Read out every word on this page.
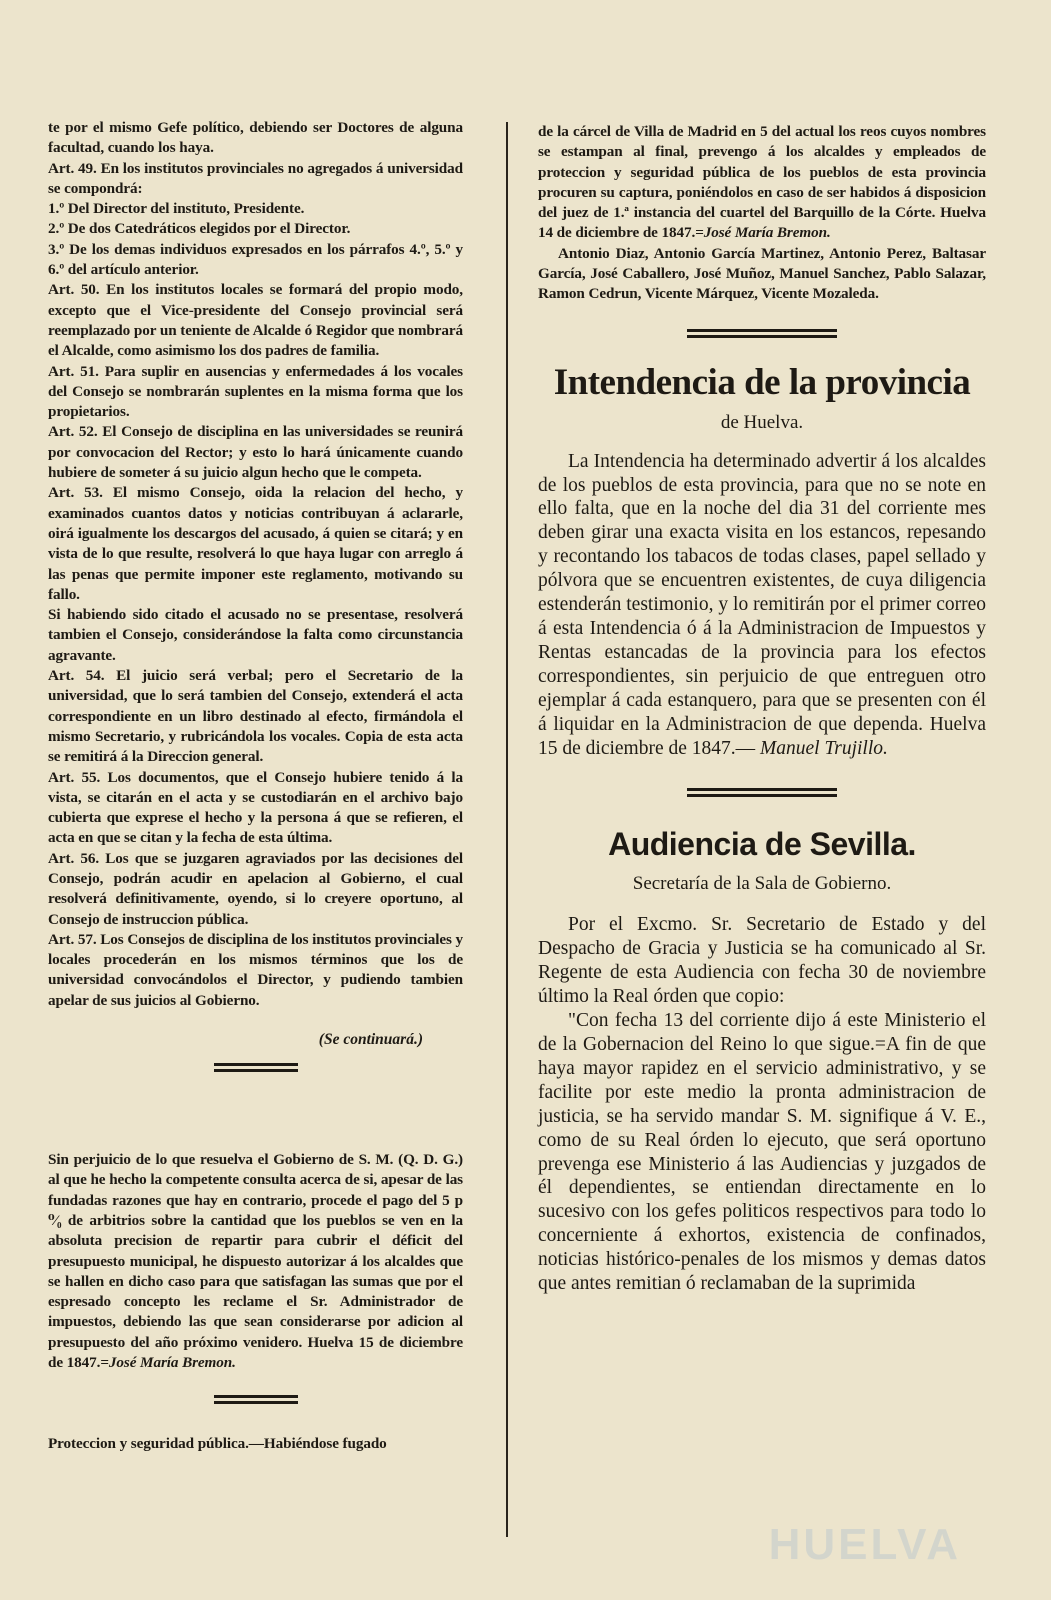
te por el mismo Gefe político, debiendo ser Doctores de alguna facultad, cuando los haya.

Art. 49. En los institutos provinciales no agregados á universidad se compondrá:

1.º Del Director del instituto, Presidente.

2.º De dos Catedráticos elegidos por el Director.

3.º De los demas individuos expresados en los párrafos 4.º, 5.º y 6.º del artículo anterior.

Art. 50. En los institutos locales se formará del propio modo, excepto que el Vice-presidente del Consejo provincial será reemplazado por un teniente de Alcalde ó Regidor que nombrará el Alcalde, como asimismo los dos padres de familia.

Art. 51. Para suplir en ausencias y enfermedades á los vocales del Consejo se nombrarán suplentes en la misma forma que los propietarios.

Art. 52. El Consejo de disciplina en las universidades se reunirá por convocacion del Rector; y esto lo hará únicamente cuando hubiere de someter á su juicio algun hecho que le competa.

Art. 53. El mismo Consejo, oida la relacion del hecho, y examinados cuantos datos y noticias contribuyan á aclararle, oirá igualmente los descargos del acusado, á quien se citará; y en vista de lo que resulte, resolverá lo que haya lugar con arreglo á las penas que permite imponer este reglamento, motivando su fallo.

Si habiendo sido citado el acusado no se presentase, resolverá tambien el Consejo, considerándose la falta como circunstancia agravante.

Art. 54. El juicio será verbal; pero el Secretario de la universidad, que lo será tambien del Consejo, extenderá el acta correspondiente en un libro destinado al efecto, firmándola el mismo Secretario, y rubricándola los vocales. Copia de esta acta se remitirá á la Direccion general.

Art. 55. Los documentos, que el Consejo hubiere tenido á la vista, se citarán en el acta y se custodiarán en el archivo bajo cubierta que exprese el hecho y la persona á que se refieren, el acta en que se citan y la fecha de esta última.

Art. 56. Los que se juzgaren agraviados por las decisiones del Consejo, podrán acudir en apelacion al Gobierno, el cual resolverá definitivamente, oyendo, si lo creyere oportuno, al Consejo de instruccion pública.

Art. 57. Los Consejos de disciplina de los institutos provinciales y locales procederán en los mismos términos que los de universidad convocándolos el Director, y pudiendo tambien apelar de sus juicios al Gobierno.

(Se continuará.)

Sin perjuicio de lo que resuelva el Gobierno de S. M. (Q. D. G.) al que he hecho la competente consulta acerca de si, apesar de las fundadas razones que hay en contrario, procede el pago del 5 p ⁰⁄₀ de arbitrios sobre la cantidad que los pueblos se ven en la absoluta precision de repartir para cubrir el déficit del presupuesto municipal, he dispuesto autorizar á los alcaldes que se hallen en dicho caso para que satisfagan las sumas que por el espresado concepto les reclame el Sr. Administrador de impuestos, debiendo las que sean considerarse por adicion al presupuesto del año próximo venidero. Huelva 15 de diciembre de 1847.=José María Bremon.

Proteccion y seguridad pública.—Habiéndose fugado

de la cárcel de Villa de Madrid en 5 del actual los reos cuyos nombres se estampan al final, prevengo á los alcaldes y empleados de proteccion y seguridad pública de los pueblos de esta provincia procuren su captura, poniéndolos en caso de ser habidos á disposicion del juez de 1.ª instancia del cuartel del Barquillo de la Córte. Huelva 14 de diciembre de 1847.=José María Bremon.

Antonio Diaz, Antonio García Martinez, Antonio Perez, Baltasar García, José Caballero, José Muñoz, Manuel Sanchez, Pablo Salazar, Ramon Cedrun, Vicente Márquez, Vicente Mozaleda.

Intendencia de la provincia
de Huelva.

La Intendencia ha determinado advertir á los alcaldes de los pueblos de esta provincia, para que no se note en ello falta, que en la noche del dia 31 del corriente mes deben girar una exacta visita en los estancos, repesando y recontando los tabacos de todas clases, papel sellado y pólvora que se encuentren existentes, de cuya diligencia estenderán testimonio, y lo remitirán por el primer correo á esta Intendencia ó á la Administracion de Impuestos y Rentas estancadas de la provincia para los efectos correspondientes, sin perjuicio de que entreguen otro ejemplar á cada estanquero, para que se presenten con él á liquidar en la Administracion de que dependa. Huelva 15 de diciembre de 1847.— Manuel Trujillo.

Audiencia de Sevilla.
Secretaría de la Sala de Gobierno.

Por el Excmo. Sr. Secretario de Estado y del Despacho de Gracia y Justicia se ha comunicado al Sr. Regente de esta Audiencia con fecha 30 de noviembre último la Real órden que copio:

"Con fecha 13 del corriente dijo á este Ministerio el de la Gobernacion del Reino lo que sigue.=A fin de que haya mayor rapidez en el servicio administrativo, y se facilite por este medio la pronta administracion de justicia, se ha servido mandar S. M. signifique á V. E., como de su Real órden lo ejecuto, que será oportuno prevenga ese Ministerio á las Audiencias y juzgados de él dependientes, se entiendan directamente en lo sucesivo con los gefes politicos respectivos para todo lo concerniente á exhortos, existencia de confinados, noticias histórico-penales de los mismos y demas datos que antes remitian ó reclamaban de la suprimida

HUELVA
